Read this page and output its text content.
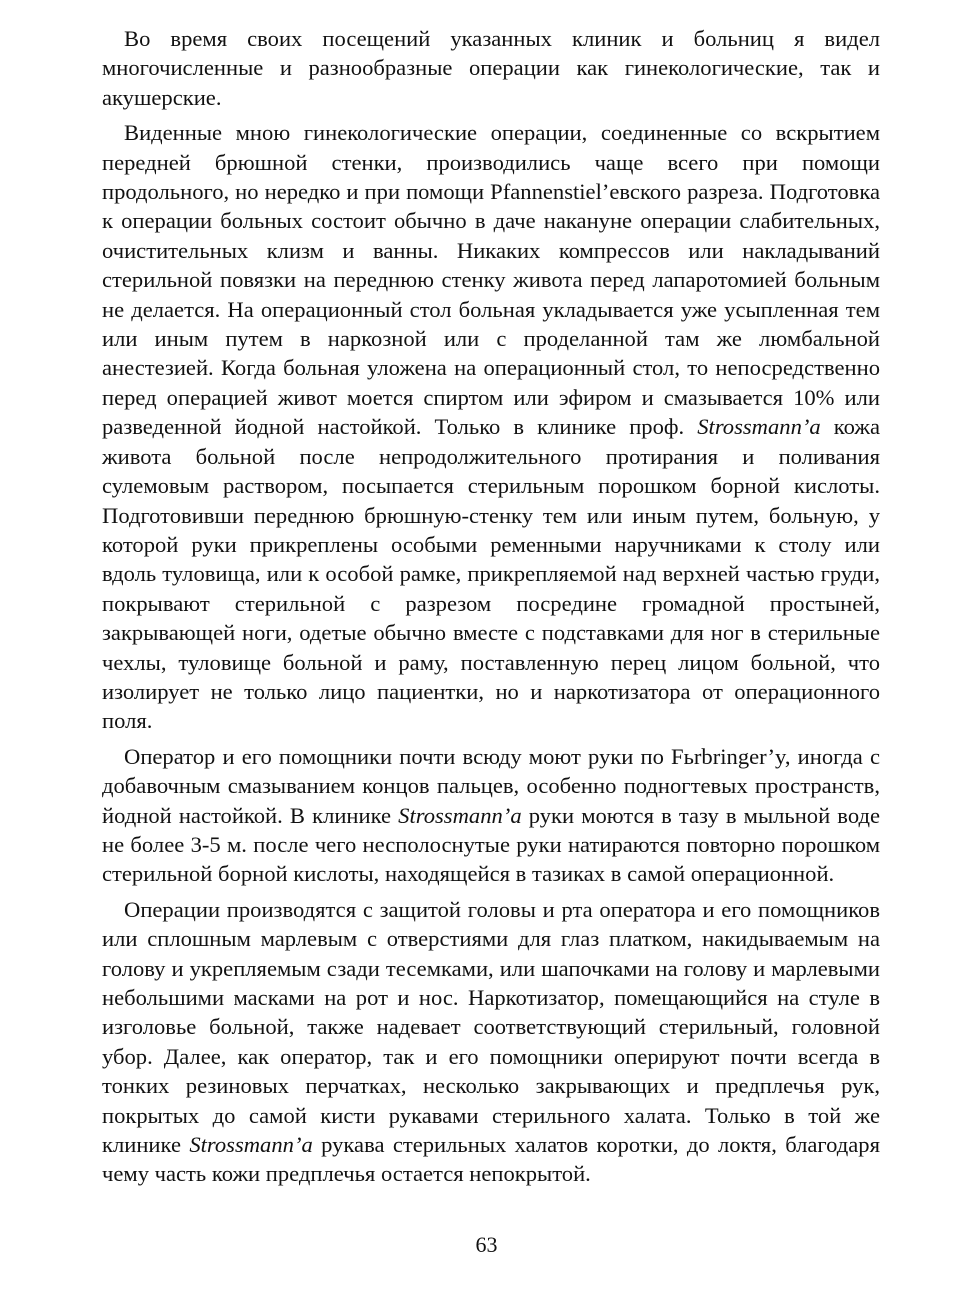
Во время своих посещений указанных клиник и больниц я видел многочисленные и разнообразные операции как гинекологические, так и акушерские.

Виденные мною гинекологические операции, соединенные со вскрытием передней брюшной стенки, производились чаще всего при помощи продольного, но нередко и при помощи Pfannenstiel’евского разреза. Подготовка к операции больных состоит обычно в даче накануне операции слабительных, очистительных клизм и ванны. Никаких компрессов или накладываний стерильной повязки на переднюю стенку живота перед лапаротомией больным не делается. На операционный стол больная укладывается уже усыпленная тем или иным путем в наркозной или с проделанной там же люмбальной анестезией. Когда больная уложена на операционный стол, то непосредственно перед операцией живот моется спиртом или эфиром и смазывается 10% или разведенной йодной настойкой. Только в клинике проф. Strossmann’a кожа живота больной после непродолжительного протирания и поливания сулемовым раствором, посыпается стерильным порошком борной кислоты. Подготовивши переднюю брюшную-стенку тем или иным путем, больную, у которой руки прикреплены особыми ременными наручниками к столу или вдоль туловища, или к особой рамке, прикрепляемой над верхней частью груди, покрывают стерильной с разрезом посредине громадной простыней, закрывающей ноги, одетые обычно вместе с подставками для ног в стерильные чехлы, туловище больной и раму, поставленную перец лицом больной, что изолирует не только лицо пациентки, но и наркотизатора от операционного поля.

Оператор и его помощники почти всюду моют руки по Fьrbringer’y, иногда с добавочным смазыванием концов пальцев, особенно подногтевых пространств, йодной настойкой. В клинике Strossmann’a руки моются в тазу в мыльной воде не более 3-5 м. после чего несполоснутые руки натираются повторно порошком стерильной борной кислоты, находящейся в тазиках в самой операционной.

Операции производятся с защитой головы и рта оператора и его помощников или сплошным марлевым с отверстиями для глаз платком, накидываемым на голову и укрепляемым сзади тесемками, или шапочками на голову и марлевыми небольшими масками на рот и нос. Наркотизатор, помещающийся на стуле в изголовье больной, также надевает соответствующий стерильный, головной убор. Далее, как оператор, так и его помощники оперируют почти всегда в тонких резиновых перчатках, несколько закрывающих и предплечья рук, покрытых до самой кисти рукавами стерильного халата. Только в той же клинике Strossmann’a рукава стерильных халатов коротки, до локтя, благодаря чему часть кожи предплечья остается непокрытой.

63
